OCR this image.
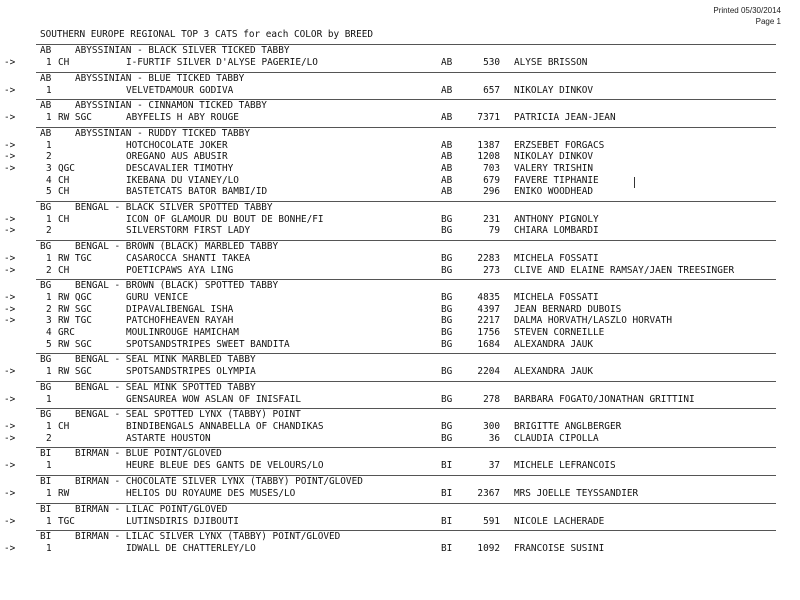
Printed 05/30/2014
Page 1
SOUTHERN EUROPE REGIONAL TOP 3 CATS for each COLOR by BREED
AB	ABYSSINIAN - BLACK SILVER TICKED TABBY
->	1 CH	I-FURTIF SILVER D'ALYSE PAGERIE/LO	AB	530 ALYSE BRISSON
AB	ABYSSINIAN - BLUE TICKED TABBY
->	1	VELVETDAMOUR GODIVA	AB	657 NIKOLAY DINKOV
AB	ABYSSINIAN - CINNAMON TICKED TABBY
->	1 RW SGC	ABYFELIS H ABY ROUGE	AB	7371 PATRICIA JEAN-JEAN
AB	ABYSSINIAN - RUDDY TICKED TABBY
->	1	HOTCHOCOLATE JOKER	AB	1387 ERZSEBET FORGACS
->	2	OREGANO AUS ABUSIR	AB	1208 NIKOLAY DINKOV
->	3 QGC	DESCAVALIER TIMOTHY	AB	703 VALERY TRISHIN
4 CH	IKEBANA DU VIANEY/LO	AB	679 FAVERE TIPHANIE
5 CH	BASTETCATS BATOR BAMBI/ID	AB	296 ENIKO WOODHEAD
BG	BENGAL - BLACK SILVER SPOTTED TABBY
->	1 CH	ICON OF GLAMOUR DU BOUT DE BONHE/FI	BG	231 ANTHONY PIGNOLY
->	2	SILVERSTORM FIRST LADY	BG	79 CHIARA LOMBARDI
BG	BENGAL - BROWN (BLACK) MARBLED TABBY
->	1 RW TGC	CASAROCCA SHANTI TAKEA	BG	2283 MICHELA FOSSATI
->	2 CH	POETICPAWS AYA LING	BG	273 CLIVE AND ELAINE RAMSAY/JAEN TREESINGER
BG	BENGAL - BROWN (BLACK) SPOTTED TABBY
->	1 RW QGC	GURU VENICE	BG	4835 MICHELA FOSSATI
->	2 RW SGC	DIPAVALIBENGAL ISHA	BG	4397 JEAN BERNARD DUBOIS
->	3 RW TGC	PATCHOFHEAVEN RAYAH	BG	2217 DALMA HORVATH/LASZLO HORVATH
4 GRC	MOULINROUGE HAMICHAM	BG	1756 STEVEN CORNEILLE
5 RW SGC	SPOTSANDSTRIPES SWEET BANDITA	BG	1684 ALEXANDRA JAUK
BG	BENGAL - SEAL MINK MARBLED TABBY
->	1 RW SGC	SPOTSANDSTRIPES OLYMPIA	BG	2204 ALEXANDRA JAUK
BG	BENGAL - SEAL MINK SPOTTED TABBY
->	1	GENSAUREA WOW ASLAN OF INISFAIL	BG	278 BARBARA FOGATO/JONATHAN GRITTINI
BG	BENGAL - SEAL SPOTTED LYNX (TABBY) POINT
->	1 CH	BINDIBENGALS ANNABELLA OF CHANDIKAS	BG	300 BRIGITTE ANGLBERGER
->	2	ASTARTE HOUSTON	BG	36 CLAUDIA CIPOLLA
BI	BIRMAN - BLUE POINT/GLOVED
->	1	HEURE BLEUE DES GANTS DE VELOURS/LO	BI	37 MICHELE LEFRANCOIS
BI	BIRMAN - CHOCOLATE SILVER LYNX (TABBY) POINT/GLOVED
->	1 RW	HELIOS DU ROYAUME DES MUSES/LO	BI	2367 MRS JOELLE TEYSSANDIER
BI	BIRMAN - LILAC POINT/GLOVED
->	1 TGC	LUTINSDIRIS DJIBOUTI	BI	591 NICOLE LACHERADE
BI	BIRMAN - LILAC SILVER LYNX (TABBY) POINT/GLOVED
->	1	IDWALL DE CHATTERLEY/LO	BI	1092 FRANCOISE SUSINI
